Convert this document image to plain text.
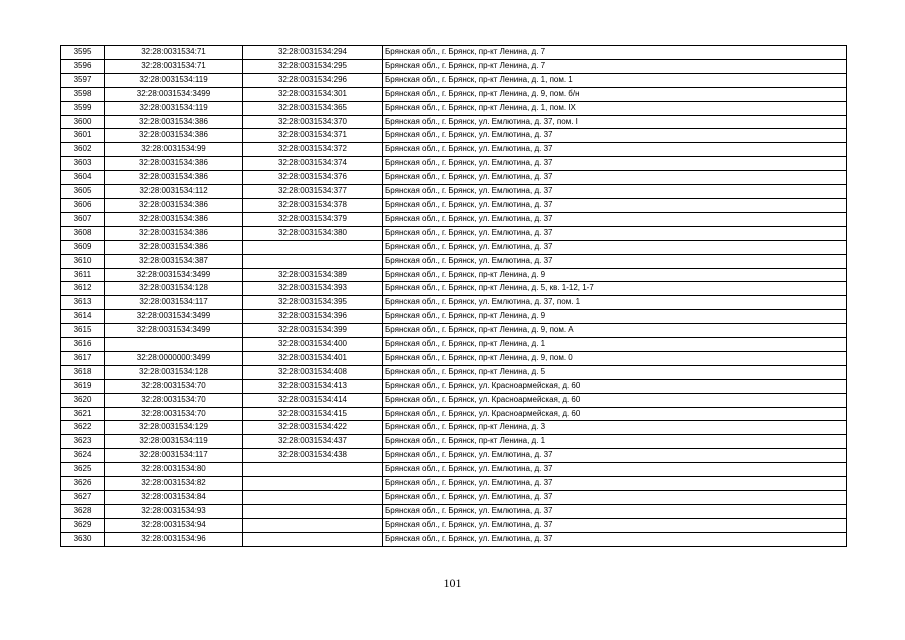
3595	32:28:0031534:71	32:28:0031534:294	Брянская обл., г. Брянск, пр-кт Ленина, д. 7
3596	32:28:0031534:71	32:28:0031534:295	Брянская обл., г. Брянск, пр-кт Ленина, д. 7
3597	32:28:0031534:119	32:28:0031534:296	Брянская обл., г. Брянск, пр-кт Ленина, д. 1, пом. 1
3598	32:28:0031534:3499	32:28:0031534:301	Брянская обл., г. Брянск, пр-кт Ленина, д. 9, пом. б/н
3599	32:28:0031534:119	32:28:0031534:365	Брянская обл., г. Брянск, пр-кт Ленина, д. 1, пом. IX
3600	32:28:0031534:386	32:28:0031534:370	Брянская обл., г. Брянск, ул. Емлютина, д. 37, пом. I
3601	32:28:0031534:386	32:28:0031534:371	Брянская обл., г. Брянск, ул. Емлютина, д. 37
3602	32:28:0031534:99	32:28:0031534:372	Брянская обл., г. Брянск, ул. Емлютина, д. 37
3603	32:28:0031534:386	32:28:0031534:374	Брянская обл., г. Брянск, ул. Емлютина, д. 37
3604	32:28:0031534:386	32:28:0031534:376	Брянская обл., г. Брянск, ул. Емлютина, д. 37
3605	32:28:0031534:112	32:28:0031534:377	Брянская обл., г. Брянск, ул. Емлютина, д. 37
3606	32:28:0031534:386	32:28:0031534:378	Брянская обл., г. Брянск, ул. Емлютина, д. 37
3607	32:28:0031534:386	32:28:0031534:379	Брянская обл., г. Брянск, ул. Емлютина, д. 37
3608	32:28:0031534:386	32:28:0031534:380	Брянская обл., г. Брянск, ул. Емлютина, д. 37
3609	32:28:0031534:386		Брянская обл., г. Брянск, ул. Емлютина, д. 37
3610	32:28:0031534:387		Брянская обл., г. Брянск, ул. Емлютина, д. 37
3611	32:28:0031534:3499	32:28:0031534:389	Брянская обл., г. Брянск, пр-кт Ленина, д. 9
3612	32:28:0031534:128	32:28:0031534:393	Брянская обл., г. Брянск, пр-кт Ленина, д. 5, кв. 1-12, 1-7
3613	32:28:0031534:117	32:28:0031534:395	Брянская обл., г. Брянск, ул. Емлютина, д. 37, пом. 1
3614	32:28:0031534:3499	32:28:0031534:396	Брянская обл., г. Брянск, пр-кт Ленина, д. 9
3615	32:28:0031534:3499	32:28:0031534:399	Брянская обл., г. Брянск, пр-кт Ленина, д. 9, пом. А
3616		32:28:0031534:400	Брянская обл., г. Брянск, пр-кт Ленина, д. 1
3617	32:28:0000000:3499	32:28:0031534:401	Брянская обл., г. Брянск, пр-кт Ленина, д. 9, пом. 0
3618	32:28:0031534:128	32:28:0031534:408	Брянская обл., г. Брянск, пр-кт Ленина, д. 5
3619	32:28:0031534:70	32:28:0031534:413	Брянская обл., г. Брянск, ул. Красноармейская, д. 60
3620	32:28:0031534:70	32:28:0031534:414	Брянская обл., г. Брянск, ул. Красноармейская, д. 60
3621	32:28:0031534:70	32:28:0031534:415	Брянская обл., г. Брянск, ул. Красноармейская, д. 60
3622	32:28:0031534:129	32:28:0031534:422	Брянская обл., г. Брянск, пр-кт Ленина, д. 3
3623	32:28:0031534:119	32:28:0031534:437	Брянская обл., г. Брянск, пр-кт Ленина, д. 1
3624	32:28:0031534:117	32:28:0031534:438	Брянская обл., г. Брянск, ул. Емлютина, д. 37
3625	32:28:0031534:80		Брянская обл., г. Брянск, ул. Емлютина, д. 37
3626	32:28:0031534:82		Брянская обл., г. Брянск, ул. Емлютина, д. 37
3627	32:28:0031534:84		Брянская обл., г. Брянск, ул. Емлютина, д. 37
3628	32:28:0031534:93		Брянская обл., г. Брянск, ул. Емлютина, д. 37
3629	32:28:0031534:94		Брянская обл., г. Брянск, ул. Емлютина, д. 37
3630	32:28:0031534:96		Брянская обл., г. Брянск, ул. Емлютина, д. 37
101
